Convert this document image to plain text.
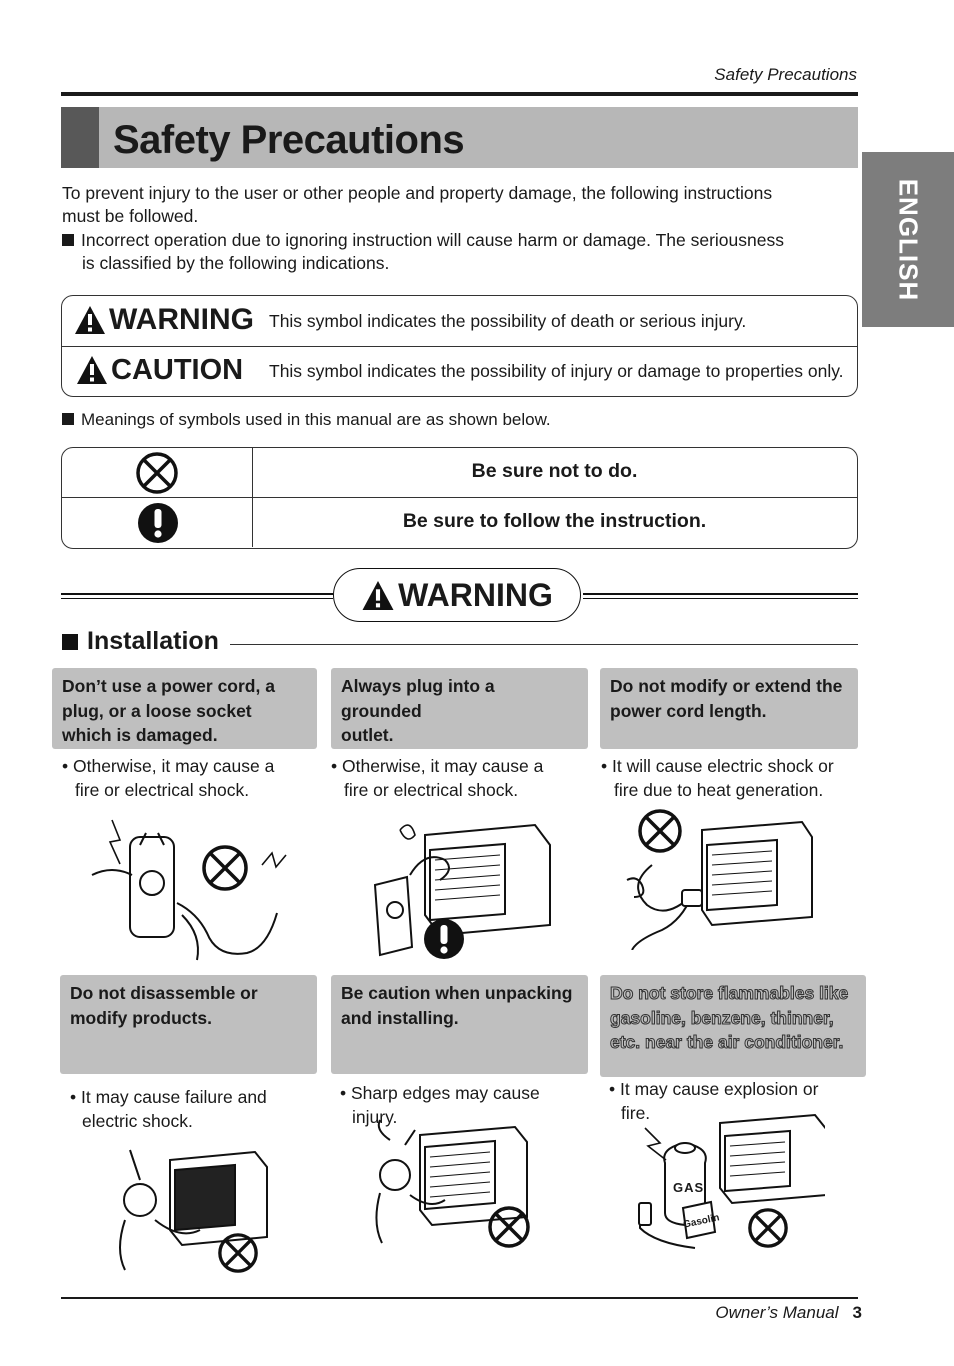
Safety Precautions
Safety Precautions
ENGLISH
To prevent injury to the user or other people and property damage, the following instructions
must be followed.
Incorrect operation due to ignoring instruction will cause harm or damage. The seriousness
is classified by the following indications.
WARNING This symbol indicates the possibility of death or serious injury.
CAUTION This symbol indicates the possibility of injury or damage to properties only.
Meanings of symbols used in this manual are as shown below.
Be sure not to do.
Be sure to follow the instruction.
WARNING
Installation
Don’t use a power cord, a
plug, or a loose socket
which is damaged.
Always plug into a grounded
outlet.
Do not modify or extend the
power cord length.
• Otherwise, it may cause a
fire or electrical shock.
• Otherwise, it may cause a
fire or electrical shock.
• It will cause electric shock or
fire due to heat generation.
Do not disassemble or
modify products.
Be caution when unpacking
and installing.
Do not store flammables like
gasoline, benzene, thinner,
etc. near the air conditioner.
• It may cause failure and
electric shock.
• Sharp edges may cause
injury.
• It may cause explosion or
fire.
GAS
Gasolin
Owner’s Manual 3
